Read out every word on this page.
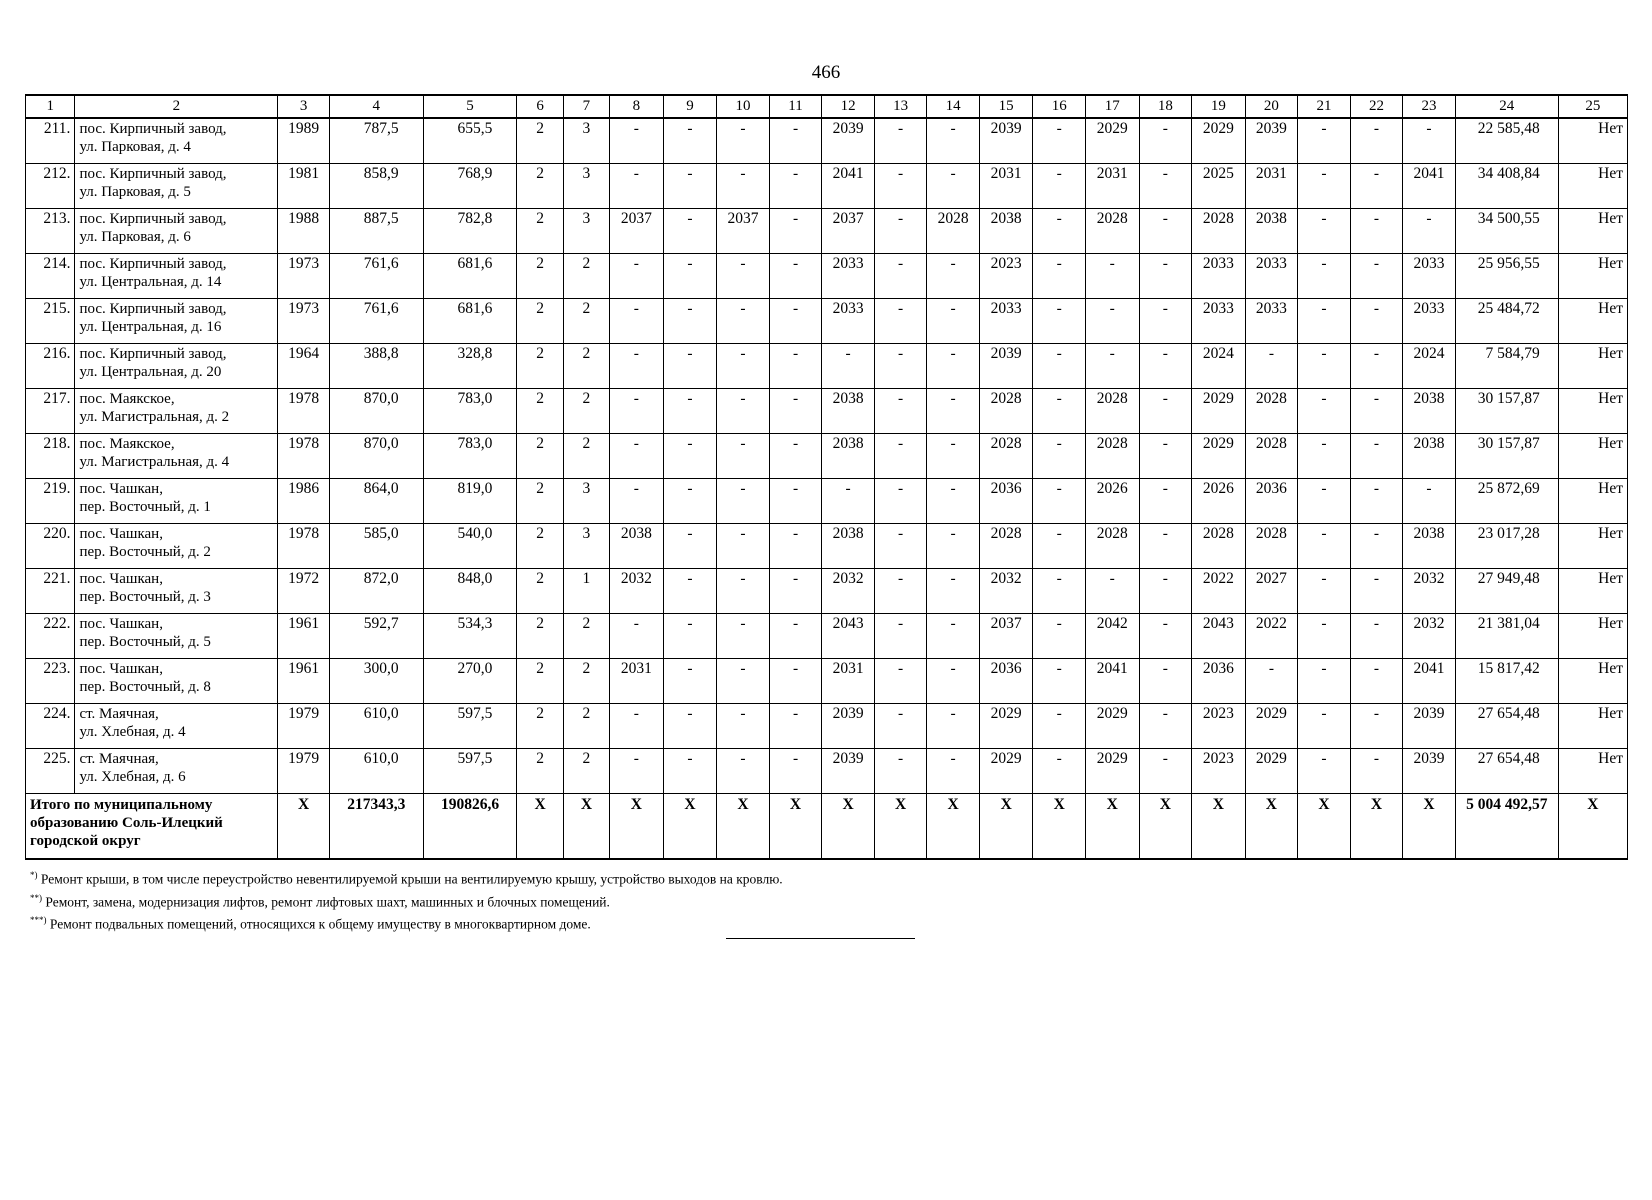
466
1	2	3	4	5	6	7	8	9	10	11	12	13	14	15	16	17	18	19	20	21	22	23	24	25
211.	пос. Кирпичный завод,
ул. Парковая, д. 4	1989	787,5	655,5	2	3	-	-	-	-	2039	-	-	2039	-	2029	-	2029	2039	-	-	-	22 585,48	Нет
212.	пос. Кирпичный завод,
ул. Парковая, д. 5	1981	858,9	768,9	2	3	-	-	-	-	2041	-	-	2031	-	2031	-	2025	2031	-	-	2041	34 408,84	Нет
213.	пос. Кирпичный завод,
ул. Парковая, д. 6	1988	887,5	782,8	2	3	2037	-	2037	-	2037	-	2028	2038	-	2028	-	2028	2038	-	-	-	34 500,55	Нет
214.	пос. Кирпичный завод,
ул. Центральная, д. 14	1973	761,6	681,6	2	2	-	-	-	-	2033	-	-	2023	-	-	-	2033	2033	-	-	2033	25 956,55	Нет
215.	пос. Кирпичный завод,
ул. Центральная, д. 16	1973	761,6	681,6	2	2	-	-	-	-	2033	-	-	2033	-	-	-	2033	2033	-	-	2033	25 484,72	Нет
216.	пос. Кирпичный завод,
ул. Центральная, д. 20	1964	388,8	328,8	2	2	-	-	-	-	-	-	-	2039	-	-	-	2024	-	-	-	2024	7 584,79	Нет
217.	пос. Маякское,
ул. Магистральная, д. 2	1978	870,0	783,0	2	2	-	-	-	-	2038	-	-	2028	-	2028	-	2029	2028	-	-	2038	30 157,87	Нет
218.	пос. Маякское,
ул. Магистральная, д. 4	1978	870,0	783,0	2	2	-	-	-	-	2038	-	-	2028	-	2028	-	2029	2028	-	-	2038	30 157,87	Нет
219.	пос. Чашкан,
пер. Восточный, д. 1	1986	864,0	819,0	2	3	-	-	-	-	-	-	-	2036	-	2026	-	2026	2036	-	-	-	25 872,69	Нет
220.	пос. Чашкан,
пер. Восточный, д. 2	1978	585,0	540,0	2	3	2038	-	-	-	2038	-	-	2028	-	2028	-	2028	2028	-	-	2038	23 017,28	Нет
221.	пос. Чашкан,
пер. Восточный, д. 3	1972	872,0	848,0	2	1	2032	-	-	-	2032	-	-	2032	-	-	-	2022	2027	-	-	2032	27 949,48	Нет
222.	пос. Чашкан,
пер. Восточный, д. 5	1961	592,7	534,3	2	2	-	-	-	-	2043	-	-	2037	-	2042	-	2043	2022	-	-	2032	21 381,04	Нет
223.	пос. Чашкан,
пер. Восточный, д. 8	1961	300,0	270,0	2	2	2031	-	-	-	2031	-	-	2036	-	2041	-	2036	-	-	-	2041	15 817,42	Нет
224.	ст. Маячная,
ул. Хлебная, д. 4	1979	610,0	597,5	2	2	-	-	-	-	2039	-	-	2029	-	2029	-	2023	2029	-	-	2039	27 654,48	Нет
225.	ст. Маячная,
ул. Хлебная, д. 6	1979	610,0	597,5	2	2	-	-	-	-	2039	-	-	2029	-	2029	-	2023	2029	-	-	2039	27 654,48	Нет
Итого по муниципальному образованию Соль-Илецкий городской округ		X	217343,3	190826,6	X	X	X	X	X	X	X	X	X	X	X	X	X	X	X	X	X	X	5 004 492,57	X
*) Ремонт крыши, в том числе переустройство невентилируемой крыши на вентилируемую крышу, устройство выходов на кровлю.
**) Ремонт, замена, модернизация лифтов, ремонт лифтовых шахт, машинных и блочных помещений.
***) Ремонт подвальных помещений, относящихся к общему имуществу в многоквартирном доме.
